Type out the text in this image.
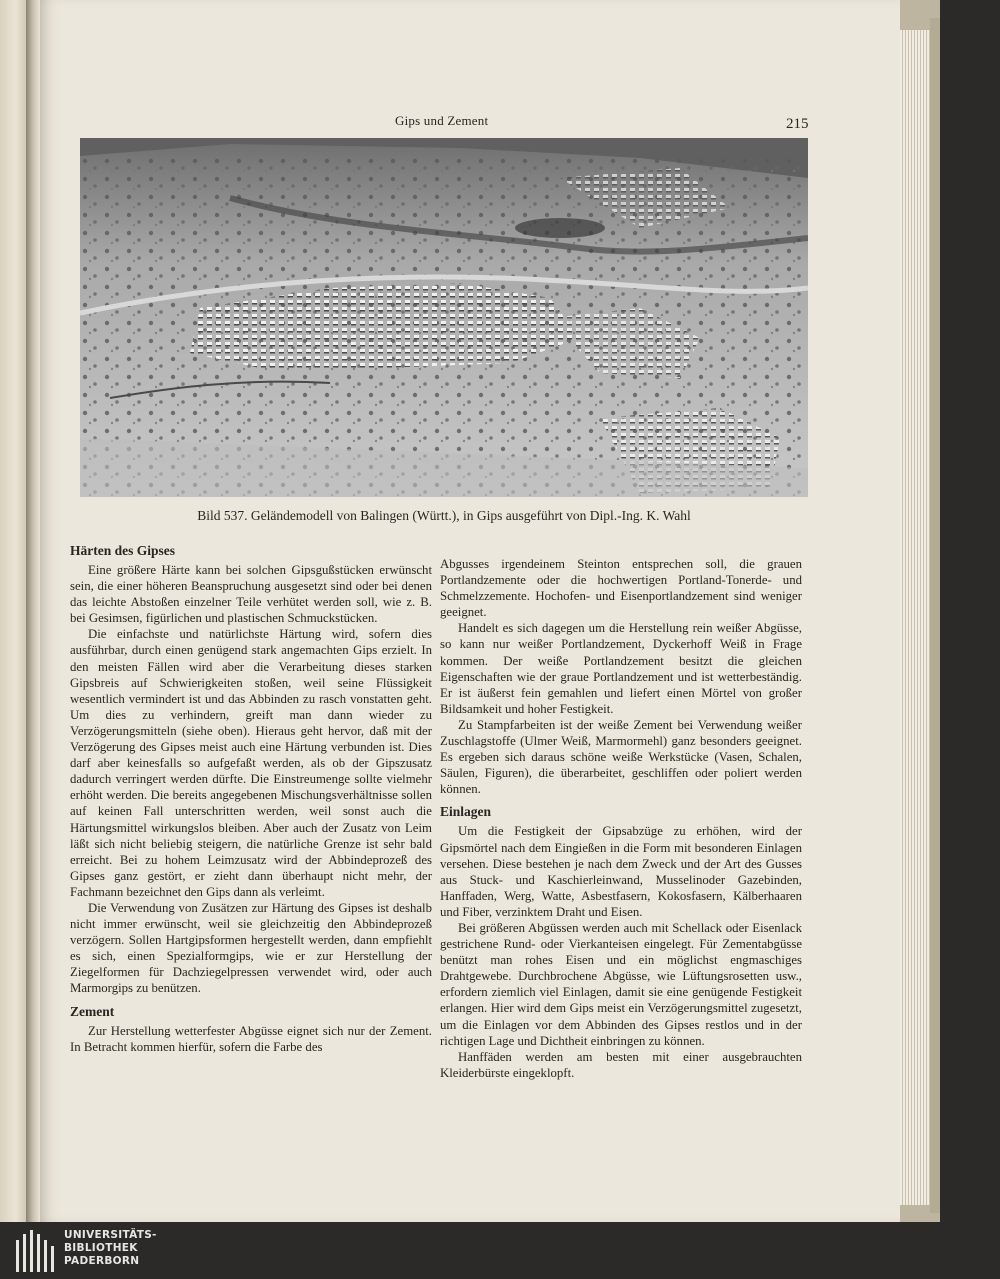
Gips und Zement	215
Bild 537. Geländemodell von Balingen (Württ.), in Gips ausgeführt von Dipl.-Ing. K. Wahl
Härten des Gipses

Eine größere Härte kann bei solchen Gipsgußstücken erwünscht sein, die einer höheren Beanspruchung ausgesetzt sind oder bei denen das leichte Abstoßen einzelner Teile verhütet werden soll, wie z. B. bei Gesimsen, figürlichen und plastischen Schmuckstücken.

Die einfachste und natürlichste Härtung wird, sofern dies ausführbar, durch einen genügend stark angemachten Gips erzielt. In den meisten Fällen wird aber die Verarbeitung dieses starken Gipsbreis auf Schwierigkeiten stoßen, weil seine Flüssigkeit wesentlich vermindert ist und das Abbinden zu rasch vonstatten geht. Um dies zu verhindern, greift man dann wieder zu Verzögerungsmitteln (siehe oben). Hieraus geht hervor, daß mit der Verzögerung des Gipses meist auch eine Härtung verbunden ist. Dies darf aber keinesfalls so aufgefaßt werden, als ob der Gipszusatz dadurch verringert werden dürfte. Die Einstreumenge sollte vielmehr erhöht werden. Die bereits angegebenen Mischungsverhältnisse sollen auf keinen Fall unterschritten werden, weil sonst auch die Härtungsmittel wirkungslos bleiben. Aber auch der Zusatz von Leim läßt sich nicht beliebig steigern, die natürliche Grenze ist sehr bald erreicht. Bei zu hohem Leimzusatz wird der Abbindeprozeß des Gipses ganz gestört, er zieht dann überhaupt nicht mehr, der Fachmann bezeichnet den Gips dann als verleimt.

Die Verwendung von Zusätzen zur Härtung des Gipses ist deshalb nicht immer erwünscht, weil sie gleichzeitig den Abbindeprozeß verzögern. Sollen Hartgipsformen hergestellt werden, dann empfiehlt es sich, einen Spezialformgips, wie er zur Herstellung der Ziegelformen für Dachziegelpressen verwendet wird, oder auch Marmorgips zu benützen.

Zement

Zur Herstellung wetterfester Abgüsse eignet sich nur der Zement. In Betracht kommen hierfür, sofern die Farbe des

Abgusses irgendeinem Steinton entsprechen soll, die grauen Portlandzemente oder die hochwertigen Portland-Tonerde- und Schmelzzemente. Hochofen- und Eisenportlandzement sind weniger geeignet.

Handelt es sich dagegen um die Herstellung rein weißer Abgüsse, so kann nur weißer Portlandzement, Dyckerhoff Weiß in Frage kommen. Der weiße Portlandzement besitzt die gleichen Eigenschaften wie der graue Portlandzement und ist wetterbeständig. Er ist äußerst fein gemahlen und liefert einen Mörtel von großer Bildsamkeit und hoher Festigkeit.

Zu Stampfarbeiten ist der weiße Zement bei Verwendung weißer Zuschlagstoffe (Ulmer Weiß, Marmormehl) ganz besonders geeignet. Es ergeben sich daraus schöne weiße Werkstücke (Vasen, Schalen, Säulen, Figuren), die überarbeitet, geschliffen oder poliert werden können.

Einlagen

Um die Festigkeit der Gipsabzüge zu erhöhen, wird der Gipsmörtel nach dem Eingießen in die Form mit besonderen Einlagen versehen. Diese bestehen je nach dem Zweck und der Art des Gusses aus Stuck- und Kaschierleinwand, Musselinoder Gazebinden, Hanffaden, Werg, Watte, Asbestfasern, Kokosfasern, Kälberhaaren und Fiber, verzinktem Draht und Eisen.

Bei größeren Abgüssen werden auch mit Schellack oder Eisenlack gestrichene Rund- oder Vierkanteisen eingelegt. Für Zementabgüsse benützt man rohes Eisen und ein möglichst engmaschiges Drahtgewebe. Durchbrochene Abgüsse, wie Lüftungsrosetten usw., erfordern ziemlich viel Einlagen, damit sie eine genügende Festigkeit erlangen. Hier wird dem Gips meist ein Verzögerungsmittel zugesetzt, um die Einlagen vor dem Abbinden des Gipses restlos und in der richtigen Lage und Dichtheit einbringen zu können.

Hanffäden werden am besten mit einer ausgebrauchten Kleiderbürste eingeklopft.

UNIVERSITÄTS-
BIBLIOTHEK
PADERBORN
